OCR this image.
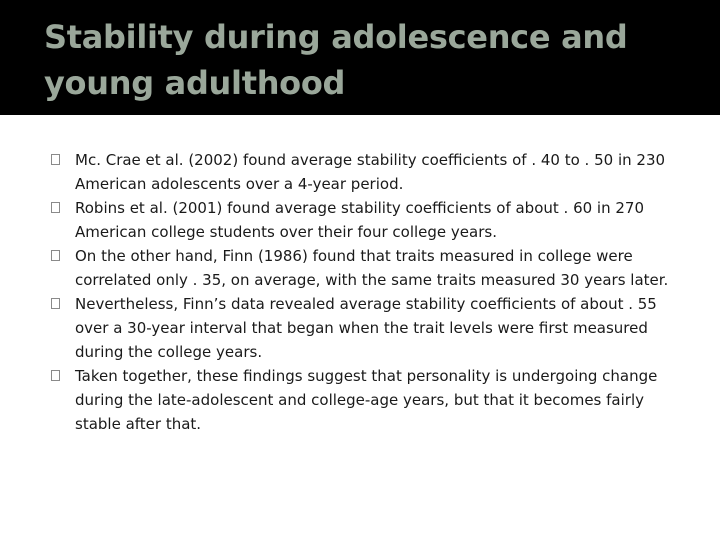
Stability during adolescence and young adulthood
Mc. Crae et al. (2002) found average stability coefficients of . 40 to . 50 in 230 American adolescents over a 4-year period.
Robins et al. (2001) found average stability coefficients of about . 60 in 270 American college students over their four college years.
On the other hand, Finn (1986) found that traits measured in college were correlated only . 35, on average, with the same traits measured 30 years later.
Nevertheless, Finn’s data revealed average stability coefficients of about . 55 over a 30-year interval that began when the trait levels were first measured during the college years.
Taken together, these findings suggest that personality is undergoing change during the late-adolescent and college-age years, but that it becomes fairly stable after that.
